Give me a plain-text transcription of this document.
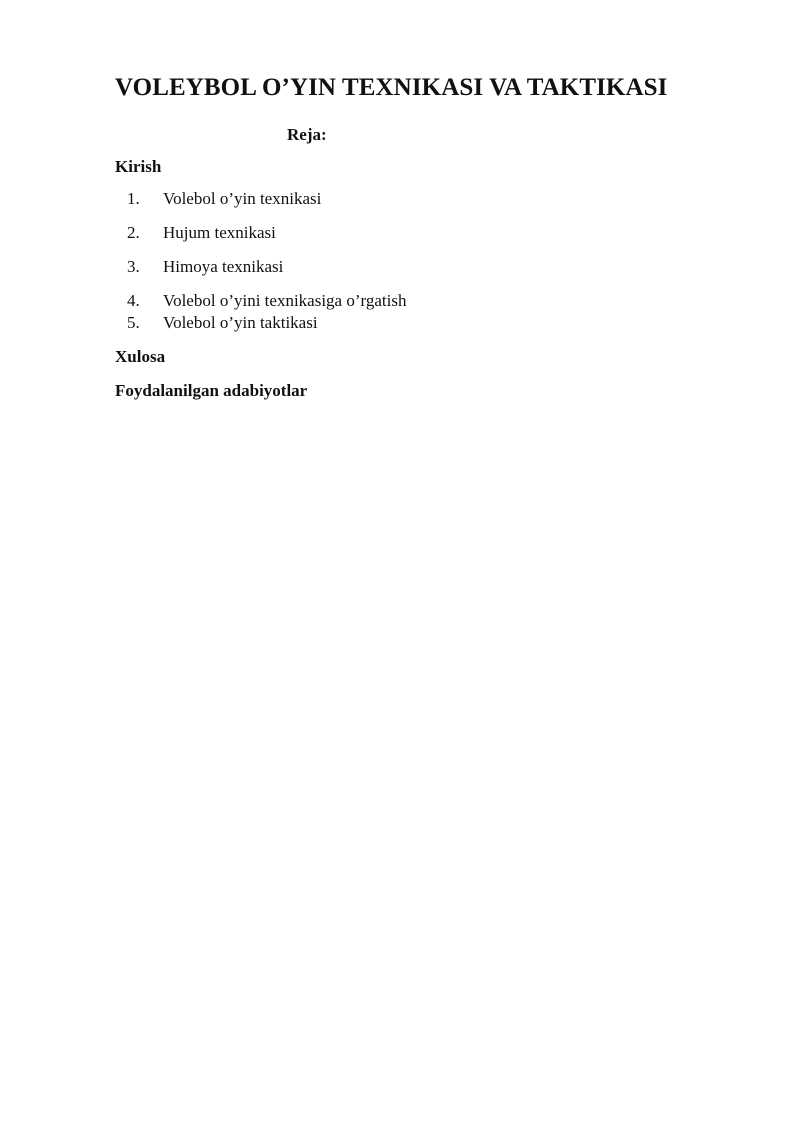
VOLEYBOL O’YIN TEXNIKASI VA TAKTIKASI
Reja:
Kirish
1.	Volebol o’yin texnikasi
2.	Hujum texnikasi
3.	Himoya texnikasi
4.	Volebol o’yini texnikasiga o’rgatish
5.	Volebol o’yin taktikasi
Xulosa
Foydalanilgan adabiyotlar
